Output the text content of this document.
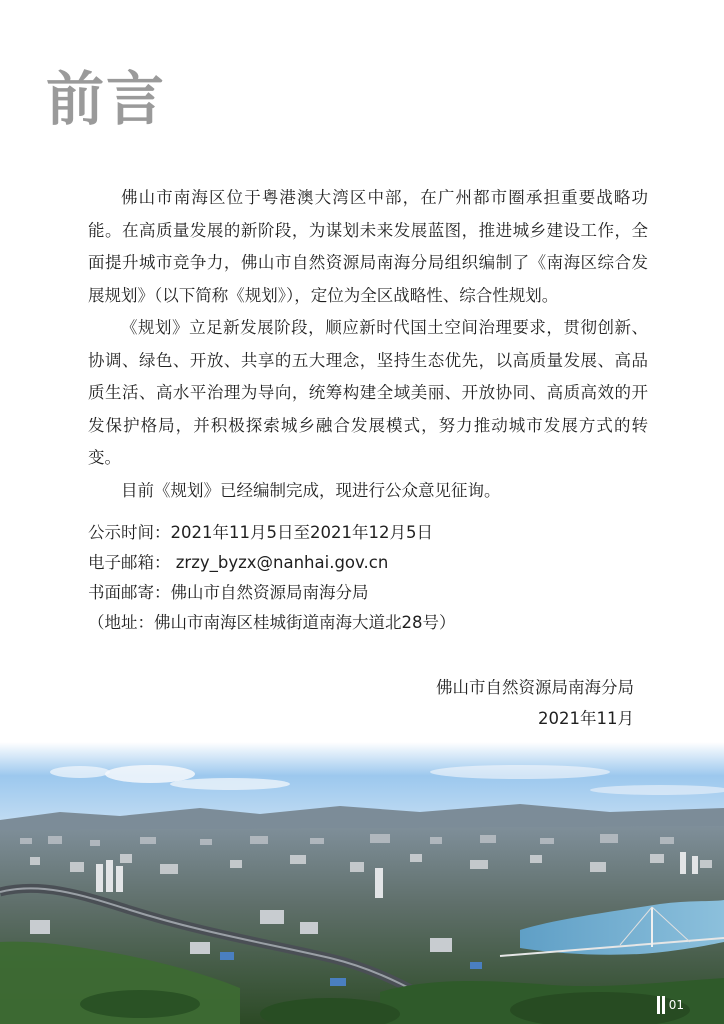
前言

佛山市南海区位于粤港澳大湾区中部，在广州都市圈承担重要战略功能。在高质量发展的新阶段，为谋划未来发展蓝图，推进城乡建设工作，全面提升城市竞争力，佛山市自然资源局南海分局组织编制了《南海区综合发展规划》（以下简称《规划》），定位为全区战略性、综合性规划。

《规划》立足新发展阶段，顺应新时代国土空间治理要求，贯彻创新、协调、绿色、开放、共享的五大理念，坚持生态优先，以高质量发展、高品质生活、高水平治理为导向，统筹构建全域美丽、开放协同、高质高效的开发保护格局，并积极探索城乡融合发展模式，努力推动城市发展方式的转变。

目前《规划》已经编制完成，现进行公众意见征询。

公示时间：2021年11月5日至2021年12月5日
电子邮箱： zrzy_byzx@nanhai.gov.cn
书面邮寄：佛山市自然资源局南海分局
（地址：佛山市南海区桂城街道南海大道北28号）
佛山市自然资源局南海分局
2021年11月
01
